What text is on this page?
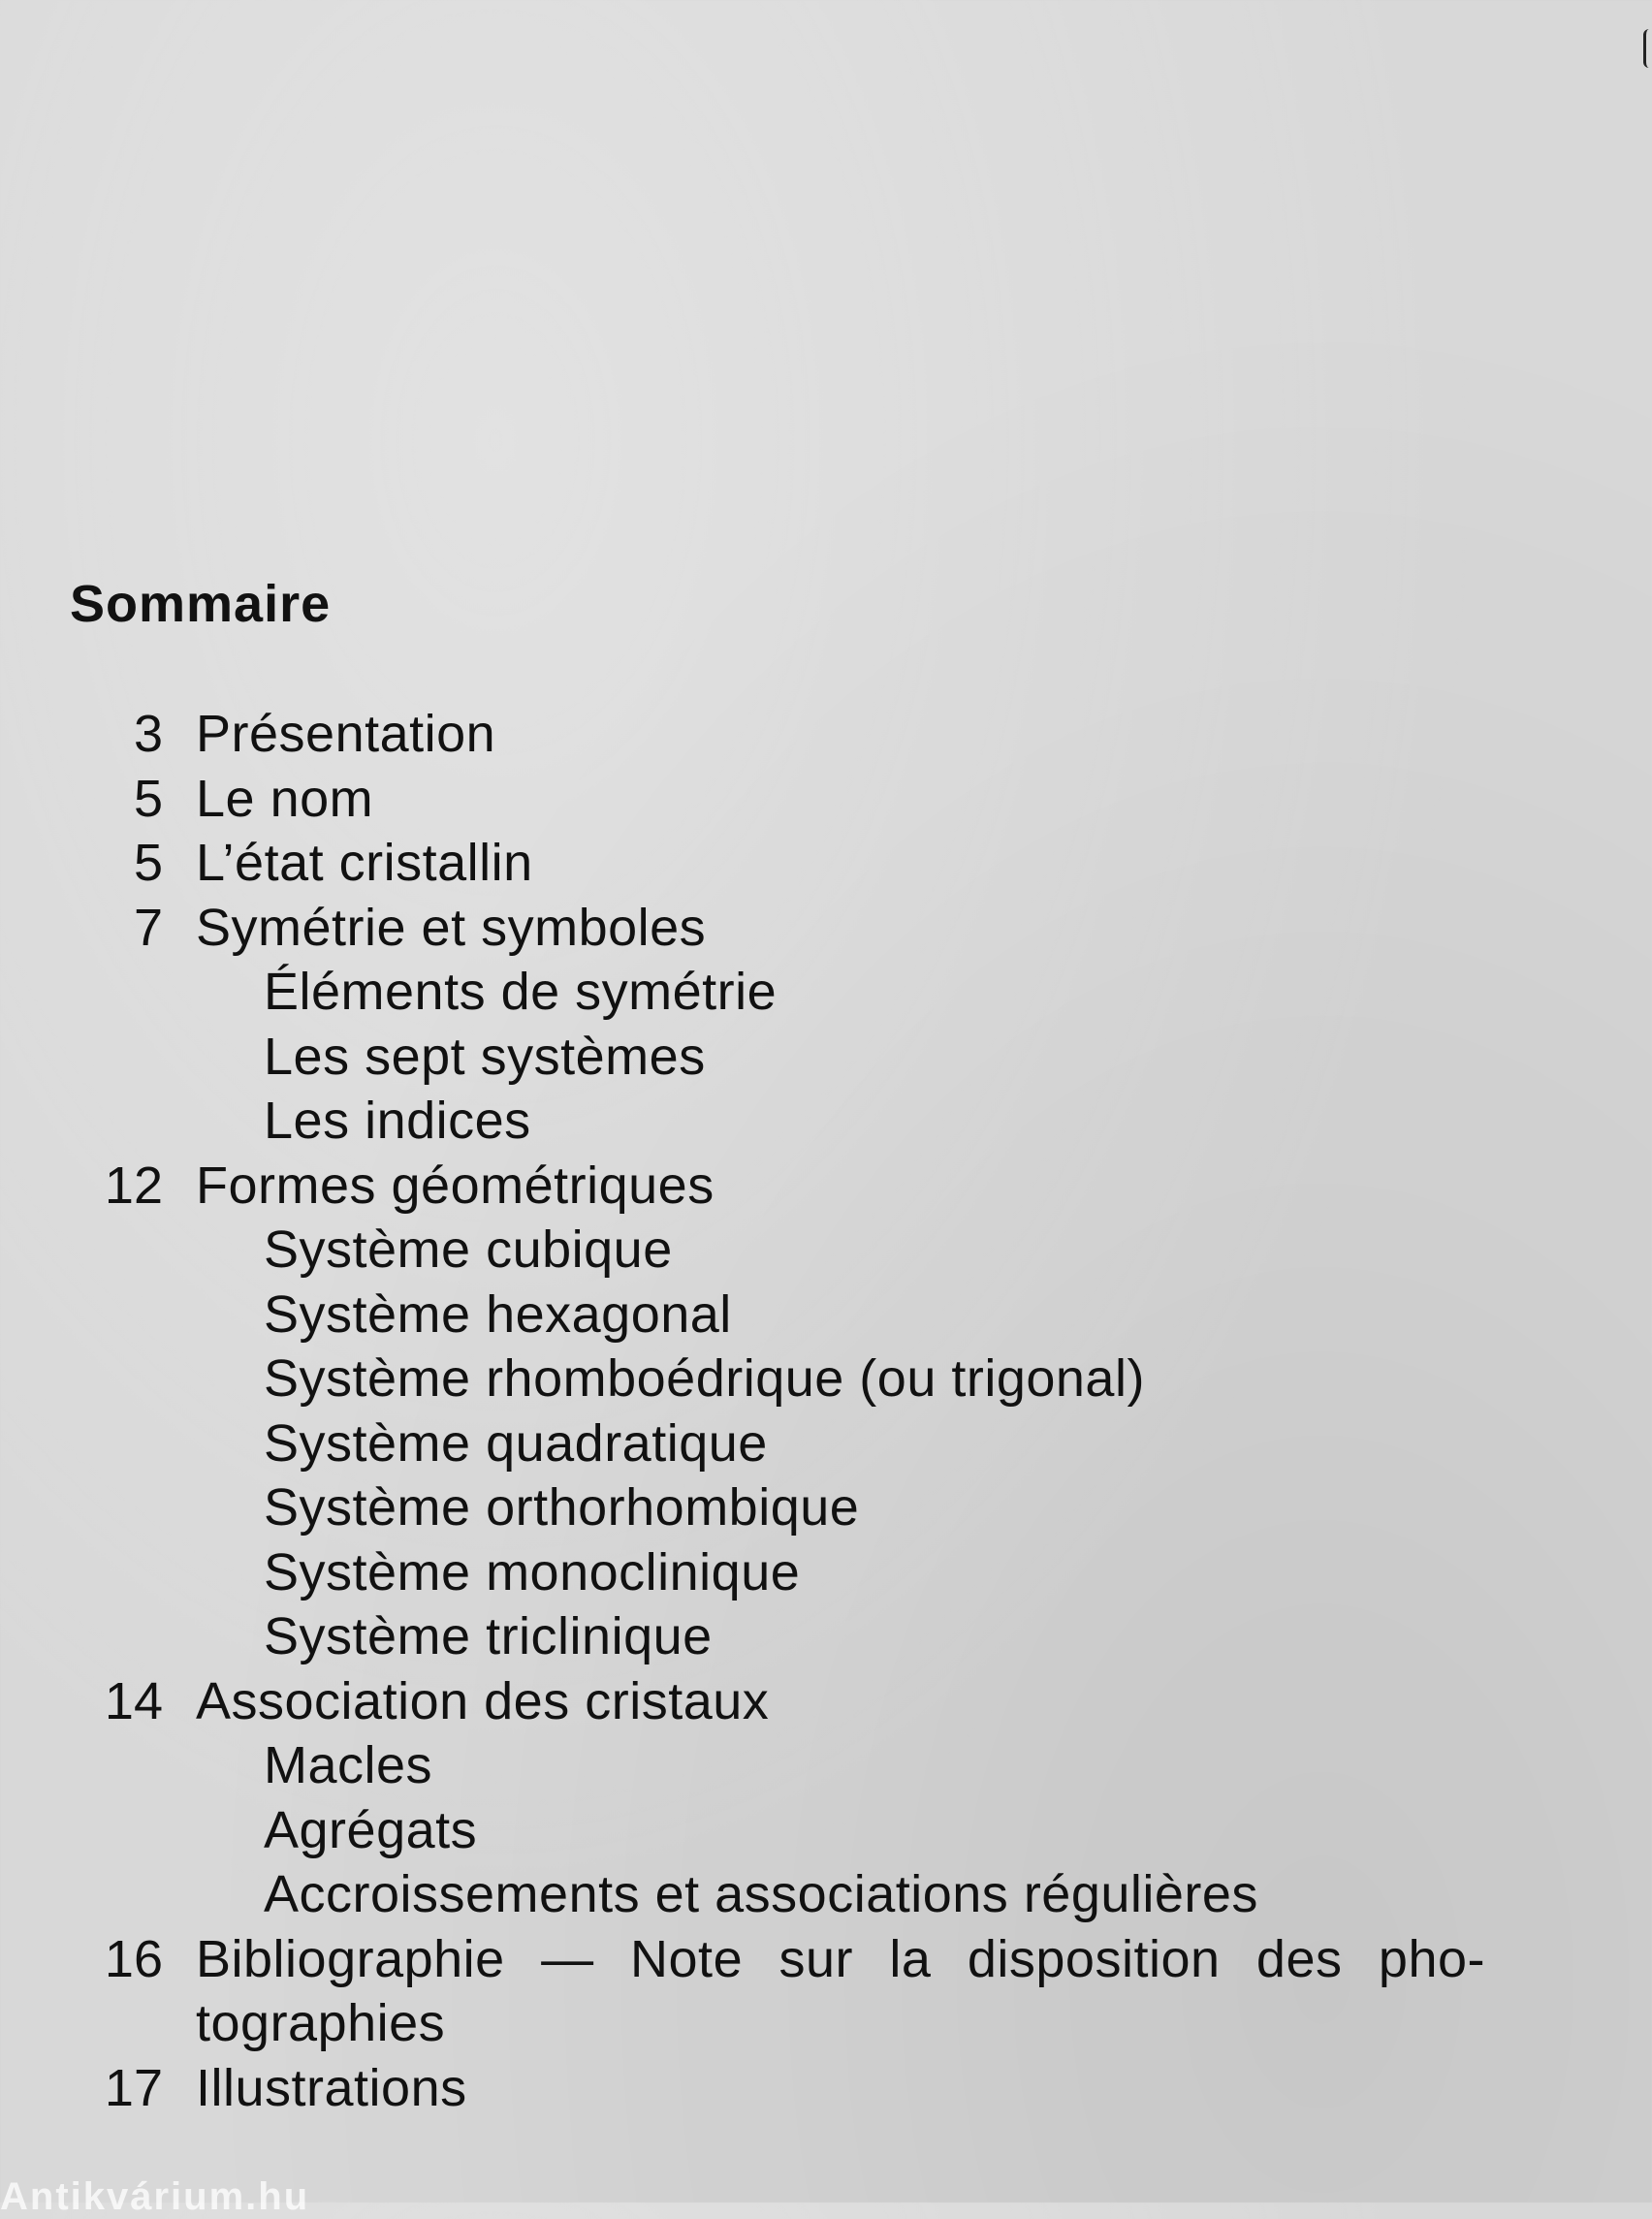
Sommaire
3 Présentation
5 Le nom
5 L’état cristallin
7 Symétrie et symboles
Éléments de symétrie
Les sept systèmes
Les indices
12 Formes géométriques
Système cubique
Système hexagonal
Système rhomboédrique (ou trigonal)
Système quadratique
Système orthorhombique
Système monoclinique
Système triclinique
14 Association des cristaux
Macles
Agrégats
Accroissements et associations régulières
16 Bibliographie — Note sur la disposition des pho-tographies
17 Illustrations
Antikvárium.hu
